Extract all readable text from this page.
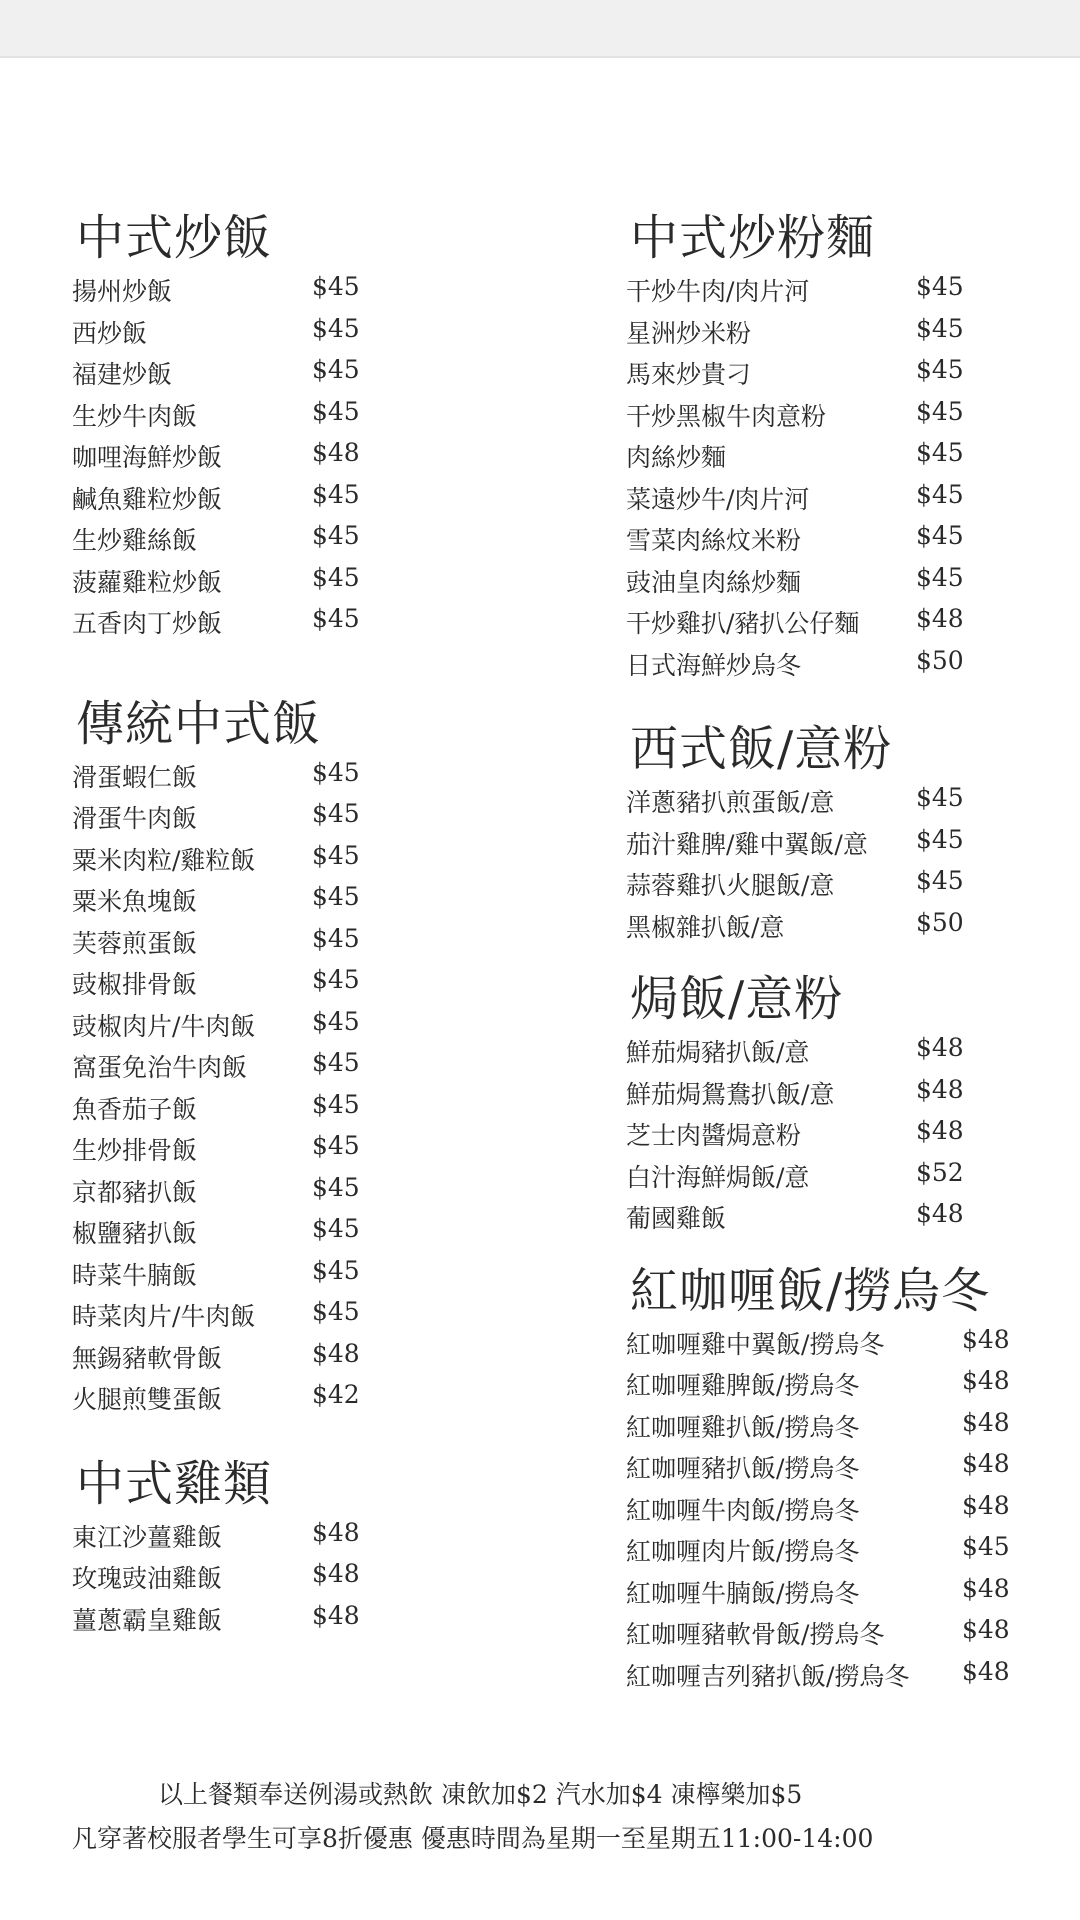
中式炒飯
揚州炒飯	$45
西炒飯	$45
福建炒飯	$45
生炒牛肉飯	$45
咖哩海鮮炒飯	$48
鹹魚雞粒炒飯	$45
生炒雞絲飯	$45
菠蘿雞粒炒飯	$45
五香肉丁炒飯	$45
傳統中式飯
滑蛋蝦仁飯	$45
滑蛋牛肉飯	$45
粟米肉粒/雞粒飯 $45
粟米魚塊飯	$45
芙蓉煎蛋飯	$45
豉椒排骨飯	$45
豉椒肉片/牛肉飯 $45
窩蛋免治牛肉飯	$45
魚香茄子飯	$45
生炒排骨飯	$45
京都豬扒飯	$45
椒鹽豬扒飯	$45
時菜牛腩飯	$45
時菜肉片/牛肉飯 $45
無錫豬軟骨飯	$48
火腿煎雙蛋飯	$42
中式雞類
東江沙薑雞飯	$48
玫瑰豉油雞飯	$48
薑蔥霸皇雞飯	$48
中式炒粉麵
干炒牛肉/肉片河	$45
星洲炒米粉	$45
馬來炒貴刁	$45
干炒黑椒牛肉意粉	$45
肉絲炒麵	$45
菜遠炒牛/肉片河	$45
雪菜肉絲炆米粉	$45
豉油皇肉絲炒麵	$45
干炒雞扒/豬扒公仔麵 $48
日式海鮮炒烏冬	$50
西式飯/意粉
洋蔥豬扒煎蛋飯/意	$45
茄汁雞脾/雞中翼飯/意 $45
蒜蓉雞扒火腿飯/意	$45
黑椒雜扒飯/意	$50
焗飯/意粉
鮮茄焗豬扒飯/意	$48
鮮茄焗鴛鴦扒飯/意	$48
芝士肉醬焗意粉	$48
白汁海鮮焗飯/意	$52
葡國雞飯	$48
紅咖喱飯/撈烏冬
紅咖喱雞中翼飯/撈烏冬	$48
紅咖喱雞脾飯/撈烏冬	$48
紅咖喱雞扒飯/撈烏冬	$48
紅咖喱豬扒飯/撈烏冬	$48
紅咖喱牛肉飯/撈烏冬	$48
紅咖喱肉片飯/撈烏冬	$45
紅咖喱牛腩飯/撈烏冬	$48
紅咖喱豬軟骨飯/撈烏冬	$48
紅咖喱吉列豬扒飯/撈烏冬 $48
以上餐類奉送例湯或熱飲 凍飲加$2 汽水加$4 凍檸樂加$5
凡穿著校服者學生可享8折優惠 優惠時間為星期一至星期五11:00-14:00
